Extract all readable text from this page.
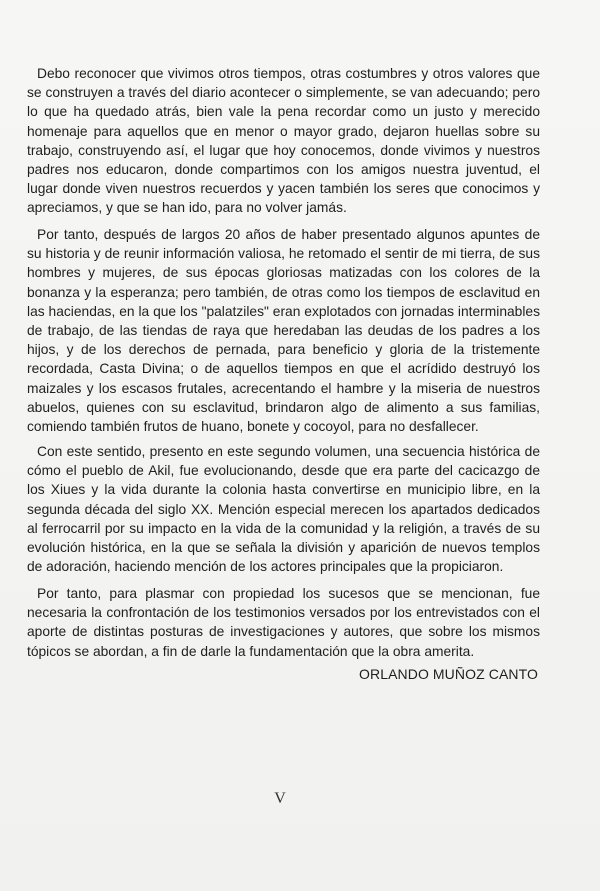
Debo reconocer que vivimos otros tiempos, otras costumbres y otros valores que se construyen a través del diario acontecer o simplemente, se van adecuando; pero lo que ha quedado atrás, bien vale la pena recordar como un justo y merecido homenaje para aquellos que en menor o mayor grado, dejaron huellas sobre su trabajo, construyendo así, el lugar que hoy conocemos, donde vivimos y nuestros padres nos educaron, donde compartimos con los amigos nuestra juventud, el lugar donde viven nuestros recuerdos y yacen también los seres que conocimos y apreciamos, y que se han ido, para no volver jamás.

Por tanto, después de largos 20 años de haber presentado algunos apuntes de su historia y de reunir información valiosa, he retomado el sentir de mi tierra, de sus hombres y mujeres, de sus épocas gloriosas matizadas con los colores de la bonanza y la esperanza; pero también, de otras como los tiempos de esclavitud en las haciendas, en la que los "palatziles" eran explotados con jornadas interminables de trabajo, de las tiendas de raya que heredaban las deudas de los padres a los hijos, y de los derechos de pernada, para beneficio y gloria de la tristemente recordada, Casta Divina; o de aquellos tiempos en que el acrídido destruyó los maizales y los escasos frutales, acrecentando el hambre y la miseria de nuestros abuelos, quienes con su esclavitud, brindaron algo de alimento a sus familias, comiendo también frutos de huano, bonete y cocoyol, para no desfallecer.

Con este sentido, presento en este segundo volumen, una secuencia histórica de cómo el pueblo de Akil, fue evolucionando, desde que era parte del cacicazgo de los Xiues y la vida durante la colonia hasta convertirse en municipio libre, en la segunda década del siglo XX. Mención especial merecen los apartados dedicados al ferrocarril por su impacto en la vida de la comunidad y la religión, a través de su evolución histórica, en la que se señala la división y aparición de nuevos templos de adoración, haciendo mención de los actores principales que la propiciaron.

Por tanto, para plasmar con propiedad los sucesos que se mencionan, fue necesaria la confrontación de los testimonios versados por los entrevistados con el aporte de distintas posturas de investigaciones y autores, que sobre los mismos tópicos se abordan, a fin de darle la fundamentación que la obra amerita.

ORLANDO MUÑOZ CANTO

V
